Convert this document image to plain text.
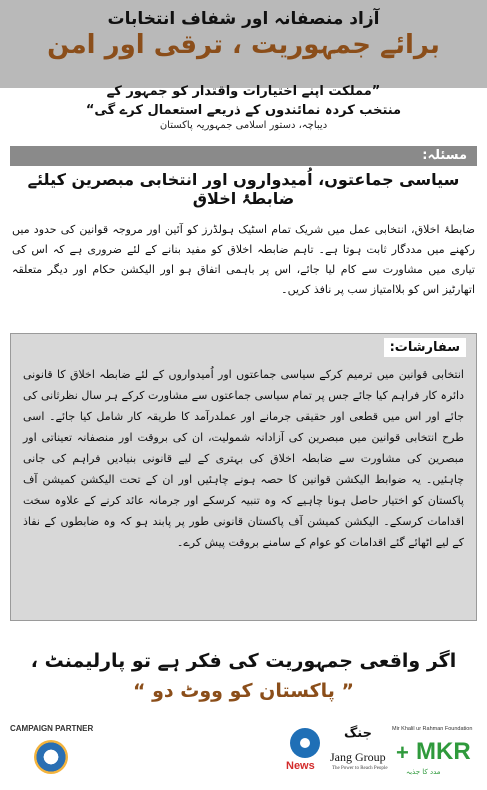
آزاد منصفانہ اور شفاف انتخابات
برائے جمہوریت ، ترقی اور امن
”مملکت اپنے اختیارات واقتدار کو جمہور کے
منتخب کردہ نمائندوں کے ذریعے استعمال کرے گی“
دیباچہ، دستور اسلامی جمہوریہ پاکستان
مسئلہ:
سیاسی جماعتوں، اُمیدواروں اور انتخابی مبصرین کیلئے ضابطۂ اخلاق
ضابطۂ اخلاق، انتخابی عمل میں شریک تمام اسٹیک ہولڈرز کو آئین اور مروجہ قوانین کی حدود میں رکھنے میں مددگار ثابت ہوتا ہے۔ تاہم ضابطہ اخلاق کو مفید بنانے کے لئے ضروری ہے کہ اس کی تیاری میں مشاورت سے کام لیا جائے، اس پر باہمی اتفاق ہو اور الیکشن حکام اور دیگر متعلقہ اتھارٹیز اس کو بلاامتیاز سب پر نافذ کریں۔
سفارشات:
انتخابی قوانین میں ترمیم کرکے سیاسی جماعتوں اور اُمیدواروں کے لئے ضابطہ اخلاق کا قانونی دائرہ کار فراہم کیا جائے جس پر تمام سیاسی جماعتوں سے مشاورت کرکے ہر سال نظرثانی کی جائے اور اس میں قطعی اور حقیقی جرمانے اور عملدرآمد کا طریقہ کار شامل کیا جائے۔ اسی طرح انتخابی قوانین میں مبصرین کی آزادانہ شمولیت، ان کی بروقت اور منصفانہ تعیناتی اور مبصرین کی مشاورت سے ضابطہ اخلاق کی بہتری کے لیے قانونی بنیادیں فراہم کی جانی چاہئیں۔ یہ ضوابط الیکشن قوانین کا حصہ ہونے چاہئیں اور ان کے تحت الیکشن کمیشن آف پاکستان کو اختیار حاصل ہونا چاہیے کہ وہ تنبیہ کرسکے اور جرمانہ عائد کرنے کے علاوہ سخت اقدامات کرسکے۔ الیکشن کمیشن آف پاکستان قانونی طور پر پابند ہو کہ وہ ضابطوں کے نفاذ کے لیے اٹھائے گئے اقدامات کو عوام کے سامنے بروقت پیش کرے۔
اگر واقعی جمہوریت کی فکر ہے تو پارلیمنٹ ،
” پاکستان کو ووٹ دو “
CAMPAIGN PARTNER
News
جنگ
Jang Group
The Power to Reach People
Mir Khalil ur Rahman Foundation
+ MKR
مدد کا جذبہ
